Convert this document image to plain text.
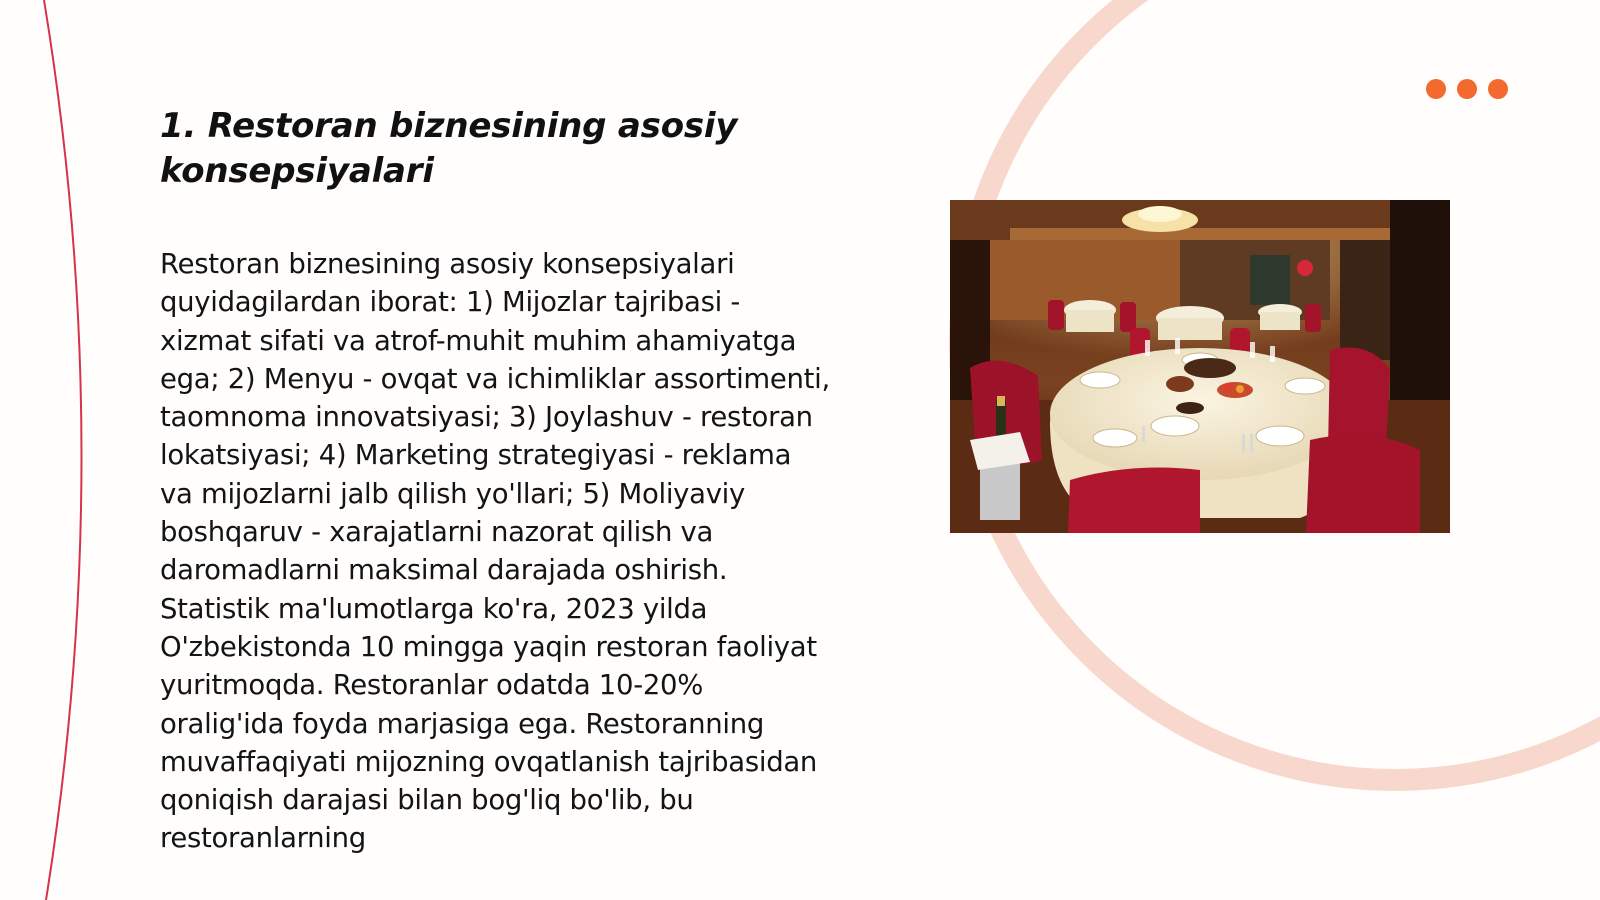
1. Restoran biznesining asosiy konsepsiyalari

Restoran biznesining asosiy konsepsiyalari quyidagilardan iborat: 1) Mijozlar tajribasi - xizmat sifati va atrof-muhit muhim ahamiyatga ega; 2) Menyu - ovqat va ichimliklar assortimenti, taomnoma innovatsiyasi; 3) Joylashuv - restoran lokatsiyasi; 4) Marketing strategiyasi - reklama va mijozlarni jalb qilish yo'llari; 5) Moliyaviy boshqaruv - xarajatlarni nazorat qilish va daromadlarni maksimal darajada oshirish. Statistik ma'lumotlarga ko'ra, 2023 yilda O'zbekistonda 10 mingga yaqin restoran faoliyat yuritmoqda. Restoranlar odatda 10-20% oralig'ida foyda marjasiga ega. Restoranning muvaffaqiyati mijozning ovqatlanish tajribasidan qoniqish darajasi bilan bog'liq bo'lib, bu restoranlarning
